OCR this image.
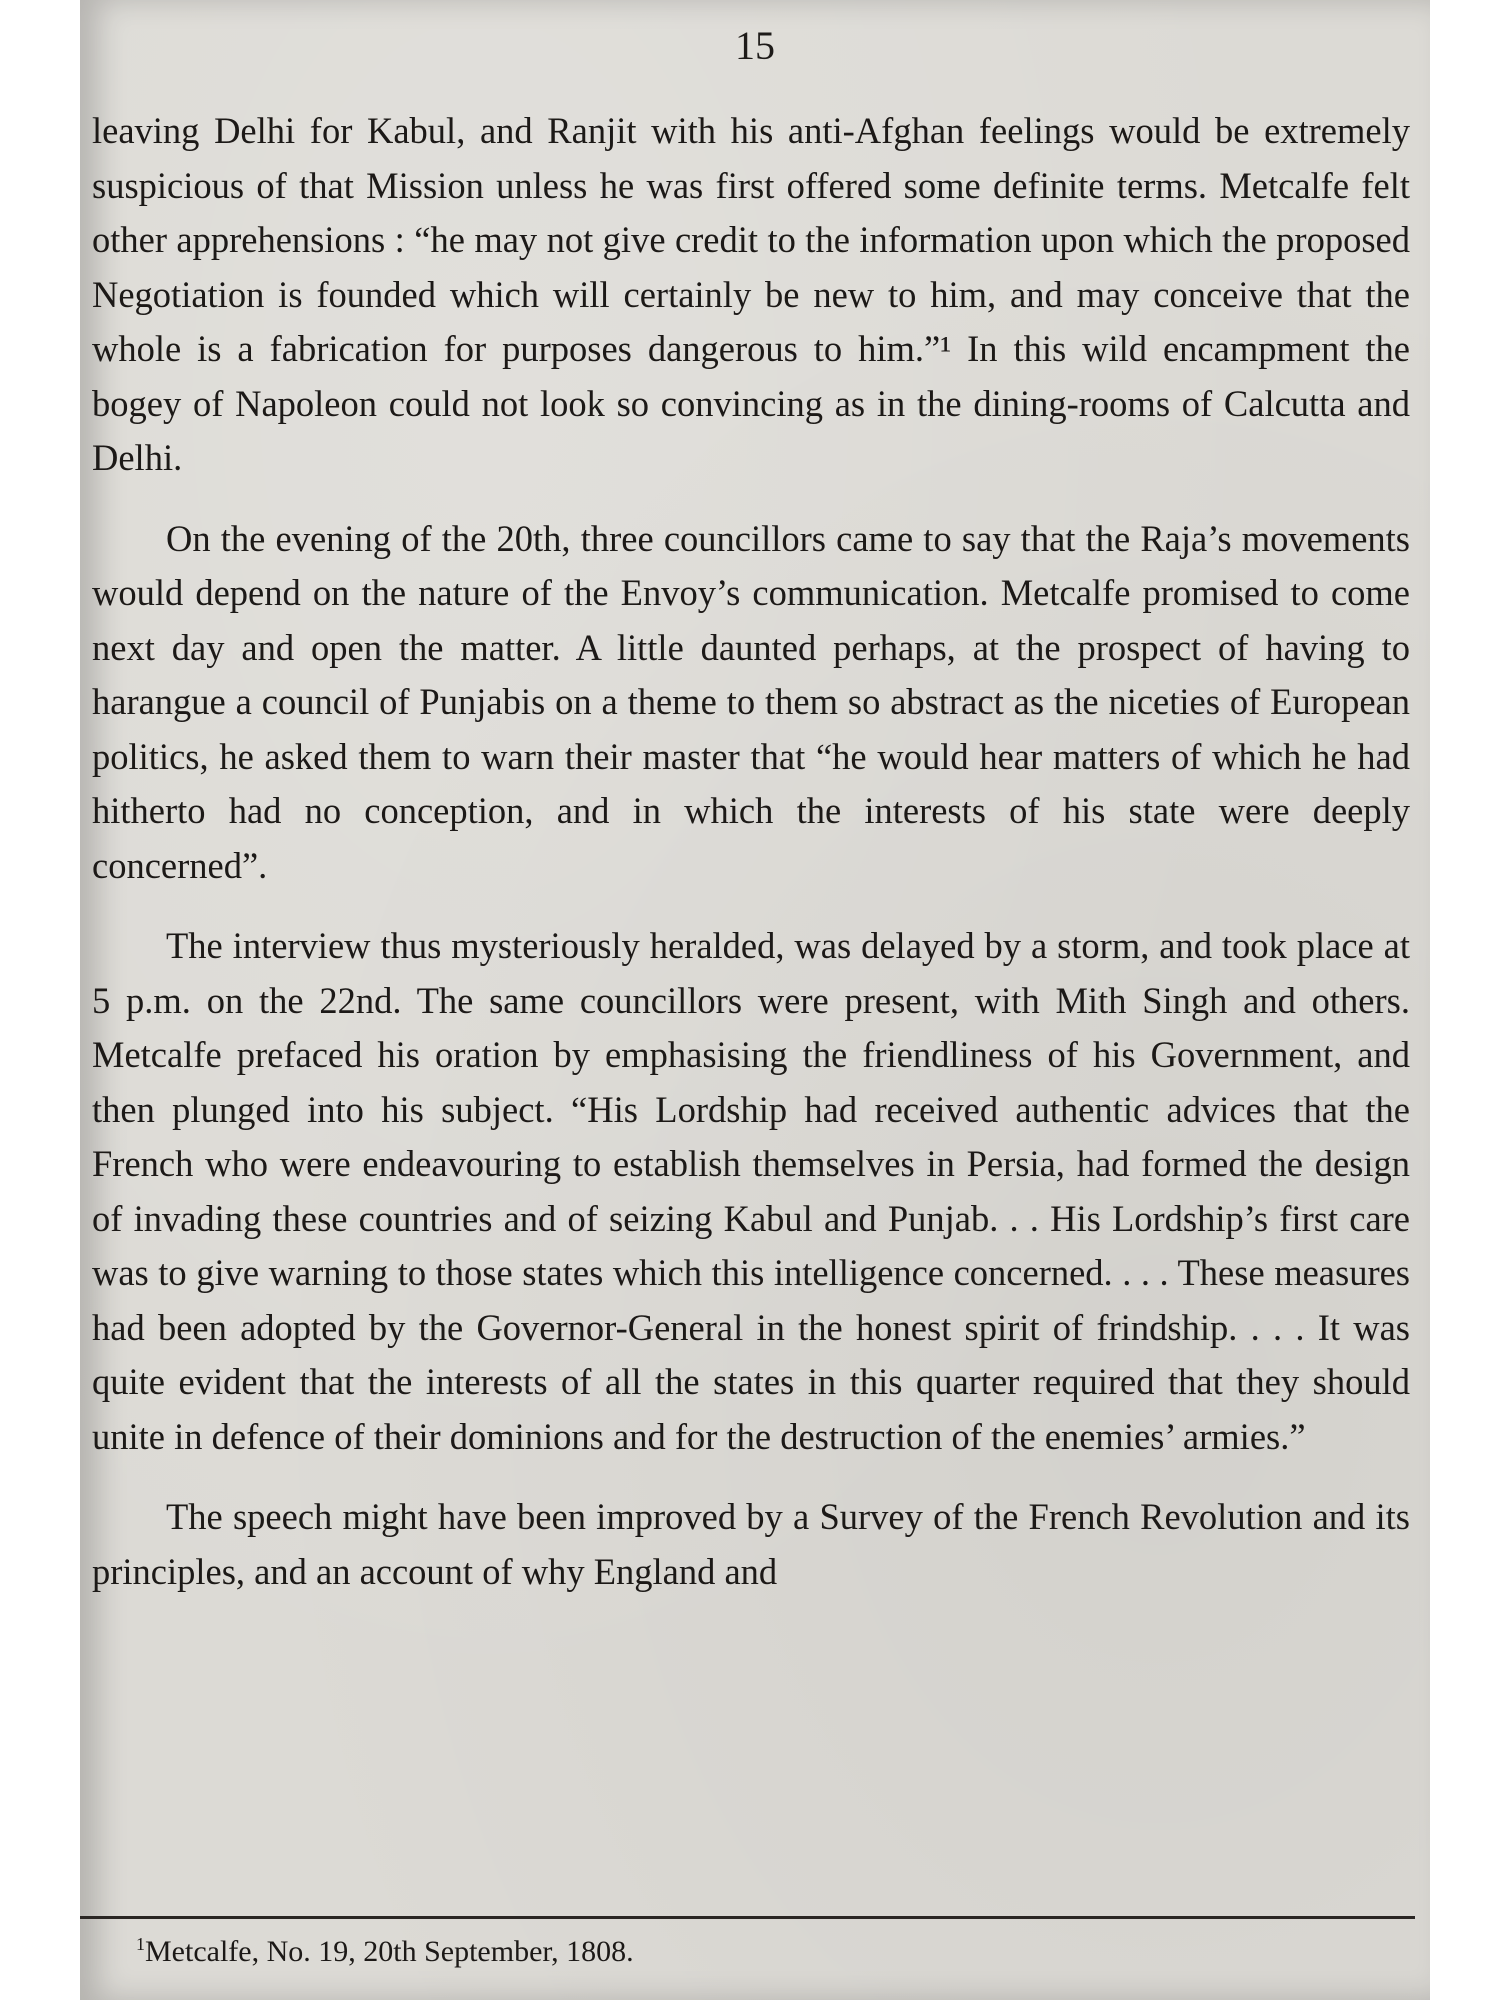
15

leaving Delhi for Kabul, and Ranjit with his anti-Afghan feelings would be extremely suspicious of that Mission unless he was first offered some definite terms. Metcalfe felt other apprehensions : “he may not give credit to the information upon which the proposed Negotiation is founded which will certainly be new to him, and may conceive that the whole is a fabrication for purposes dangerous to him.”¹ In this wild encampment the bogey of Napoleon could not look so convincing as in the dining-rooms of Calcutta and Delhi.

On the evening of the 20th, three councillors came to say that the Raja’s movements would depend on the nature of the Envoy’s communication. Metcalfe promised to come next day and open the matter. A little daunted perhaps, at the prospect of having to harangue a council of Punjabis on a theme to them so abstract as the niceties of European politics, he asked them to warn their master that “he would hear matters of which he had hitherto had no conception, and in which the interests of his state were deeply concerned”.

The interview thus mysteriously heralded, was delayed by a storm, and took place at 5 p.m. on the 22nd. The same councillors were present, with Mith Singh and others. Metcalfe prefaced his oration by emphasising the friendliness of his Government, and then plunged into his subject. “His Lordship had received authentic advices that the French who were endeavouring to establish themselves in Persia, had formed the design of invading these countries and of seizing Kabul and Punjab. . . His Lordship’s first care was to give warning to those states which this intelligence concerned. . . . These measures had been adopted by the Governor-General in the honest spirit of frindship. . . . It was quite evident that the interests of all the states in this quarter required that they should unite in defence of their dominions and for the destruction of the enemies’ armies.”

The speech might have been improved by a Survey of the French Revolution and its principles, and an account of why England and

$^1$Metcalfe, No. 19, 20th September, 1808.
